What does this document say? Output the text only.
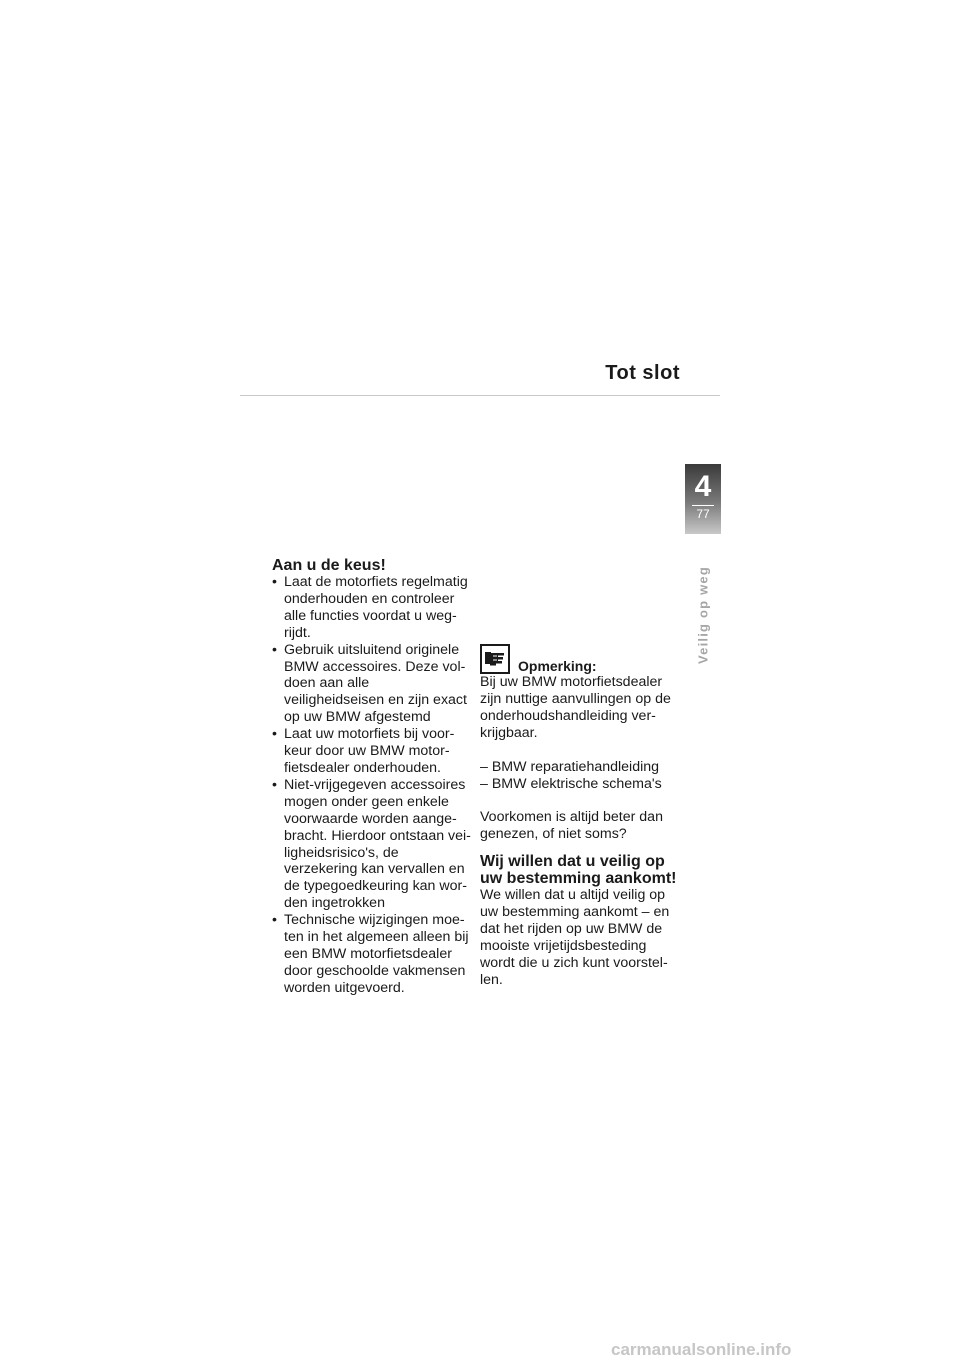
Tot slot
4
77
Veilig op weg
Aan u de keus!
• Laat de motorfiets regelmatig onderhouden en controleer alle functies voordat u weg-rijdt.
• Gebruik uitsluitend originele BMW accessoires. Deze vol-doen aan alle veiligheidseisen en zijn exact op uw BMW afgestemd
• Laat uw motorfiets bij voor-keur door uw BMW motor-fietsdealer onderhouden.
• Niet-vrijgegeven accessoires mogen onder geen enkele voorwaarde worden aange-bracht. Hierdoor ontstaan vei-ligheidsrisico's, de verzekering kan vervallen en de typegoedkeuring kan wor-den ingetrokken
• Technische wijzigingen moe-ten in het algemeen alleen bij een BMW motorfietsdealer door geschoolde vakmensen worden uitgevoerd.
Opmerking:

Bij uw BMW motorfietsdealer zijn nuttige aanvullingen op de onderhoudshandleiding ver-krijgbaar.

– BMW reparatiehandleiding

– BMW elektrische schema's

Voorkomen is altijd beter dan genezen, of niet soms?

Wij willen dat u veilig op uw bestemming aankomt!

We willen dat u altijd veilig op uw bestemming aankomt – en dat het rijden op uw BMW de mooiste vrijetijdsbesteding wordt die u zich kunt voorstel-len.

carmanualsonline.info
